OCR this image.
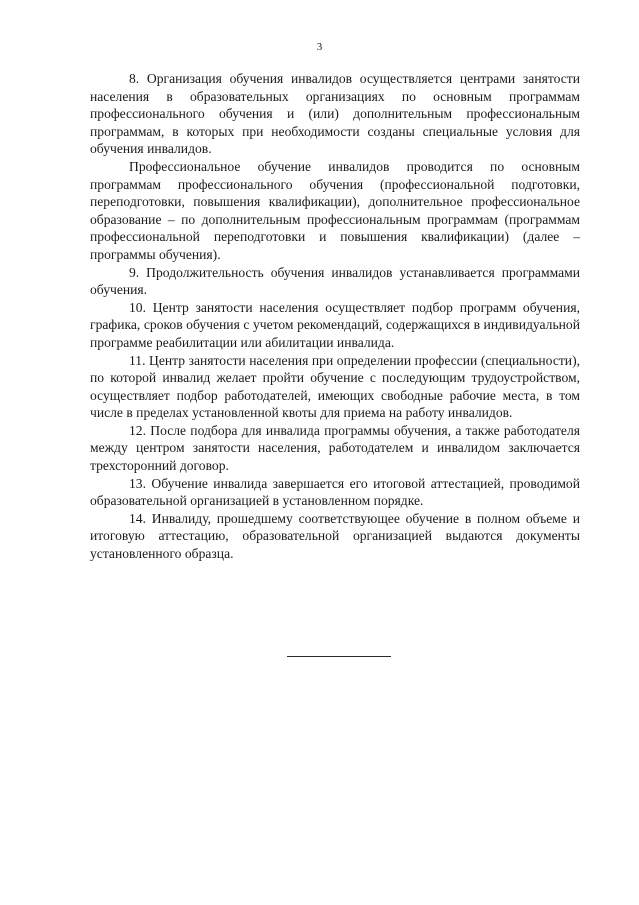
3

8. Организация обучения инвалидов осуществляется центрами занятости населения в образовательных организациях по основным программам профессионального обучения и (или) дополнительным профессиональным программам, в которых при необходимости созданы специальные условия для обучения инвалидов.

Профессиональное обучение инвалидов проводится по основным программам профессионального обучения (профессиональной подготовки, переподготовки, повышения квалификации), дополнительное профессиональное образование – по дополнительным профессиональным программам (программам профессиональной переподготовки и повышения квалификации) (далее – программы обучения).

9. Продолжительность обучения инвалидов устанавливается программами обучения.

10. Центр занятости населения осуществляет подбор программ обучения, графика, сроков обучения с учетом рекомендаций, содержащихся в индивидуальной программе реабилитации или абилитации инвалида.

11. Центр занятости населения при определении профессии (специальности), по которой инвалид желает пройти обучение с последующим трудоустройством, осуществляет подбор работодателей, имеющих свободные рабочие места, в том числе в пределах установленной квоты для приема на работу инвалидов.

12. После подбора для инвалида программы обучения, а также работодателя между центром занятости населения, работодателем и инвалидом заключается трехсторонний договор.

13. Обучение инвалида завершается его итоговой аттестацией, проводимой образовательной организацией в установленном порядке.

14. Инвалиду, прошедшему соответствующее обучение в полном объеме и итоговую аттестацию, образовательной организацией выдаются документы установленного образца.
